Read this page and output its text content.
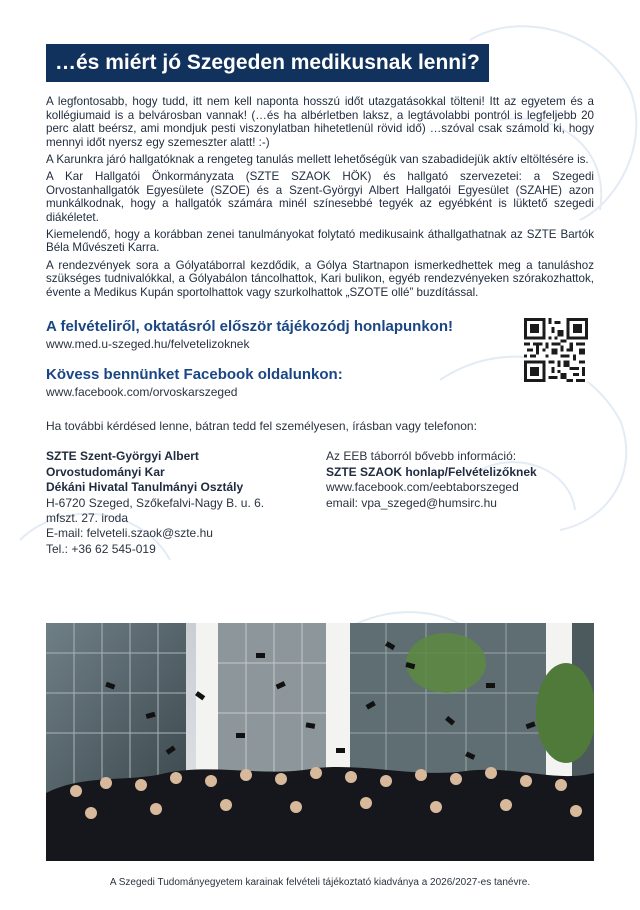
…és miért jó Szegeden medikusnak lenni?

A legfontosabb, hogy tudd, itt nem kell naponta hosszú időt utazgatásokkal tölteni! Itt az egyetem és a kollégiumaid is a belvárosban vannak! (…és ha albérletben laksz, a legtávolabbi pontról is legfeljebb 20 perc alatt beérsz, ami mondjuk pesti viszonylatban hihetetlenül rövid idő) …szóval csak számold ki, hogy mennyi időt nyersz egy szemeszter alatt! :-)

A Karunkra járó hallgatóknak a rengeteg tanulás mellett lehetőségük van szabadidejük aktív eltöltésére is.

A Kar Hallgatói Önkormányzata (SZTE SZAOK HÖK) és hallgató szervezetei: a Szegedi Orvostanhallgatók Egyesülete (SZOE) és a Szent-Györgyi Albert Hallgatói Egyesület (SZAHE) azon munkálkodnak, hogy a hallgatók számára minél színesebbé tegyék az egyébként is lüktető szegedi diákéletet.

Kiemelendő, hogy a korábban zenei tanulmányokat folytató medikusaink áthallgathatnak az SZTE Bartók Béla Művészeti Karra.

A rendezvények sora a Gólyatáborral kezdődik, a Gólya Startnapon ismerkedhettek meg a tanuláshoz szükséges tudnivalókkal, a Gólyabálon táncolhattok, Kari bulikon, egyéb rendezvényeken szórakozhattok, évente a Medikus Kupán sportolhattok vagy szurkolhattok „SZOTE ollé” buzdítással.

A felvételiről, oktatásról először tájékozódj honlapunkon!
www.med.u-szeged.hu/felvetelizoknek
Kövess bennünket Facebook oldalunkon:
www.facebook.com/orvoskarszeged
Ha további kérdésed lenne, bátran tedd fel személyesen, írásban vagy telefonon:
SZTE Szent-Györgyi Albert
Orvostudományi Kar
Dékáni Hivatal Tanulmányi Osztály
H-6720 Szeged, Szőkefalvi-Nagy B. u. 6.
mfszt. 27. iroda
E-mail: felveteli.szaok@szte.hu
Tel.: +36 62 545-019
Az EEB táborról bővebb információ:
SZTE SZAOK honlap/Felvételizőknek
www.facebook.com/eebtaborszeged
email: vpa_szeged@humsirc.hu
A Szegedi Tudományegyetem karainak felvételi tájékoztató kiadványa a 2026/2027-es tanévre.
